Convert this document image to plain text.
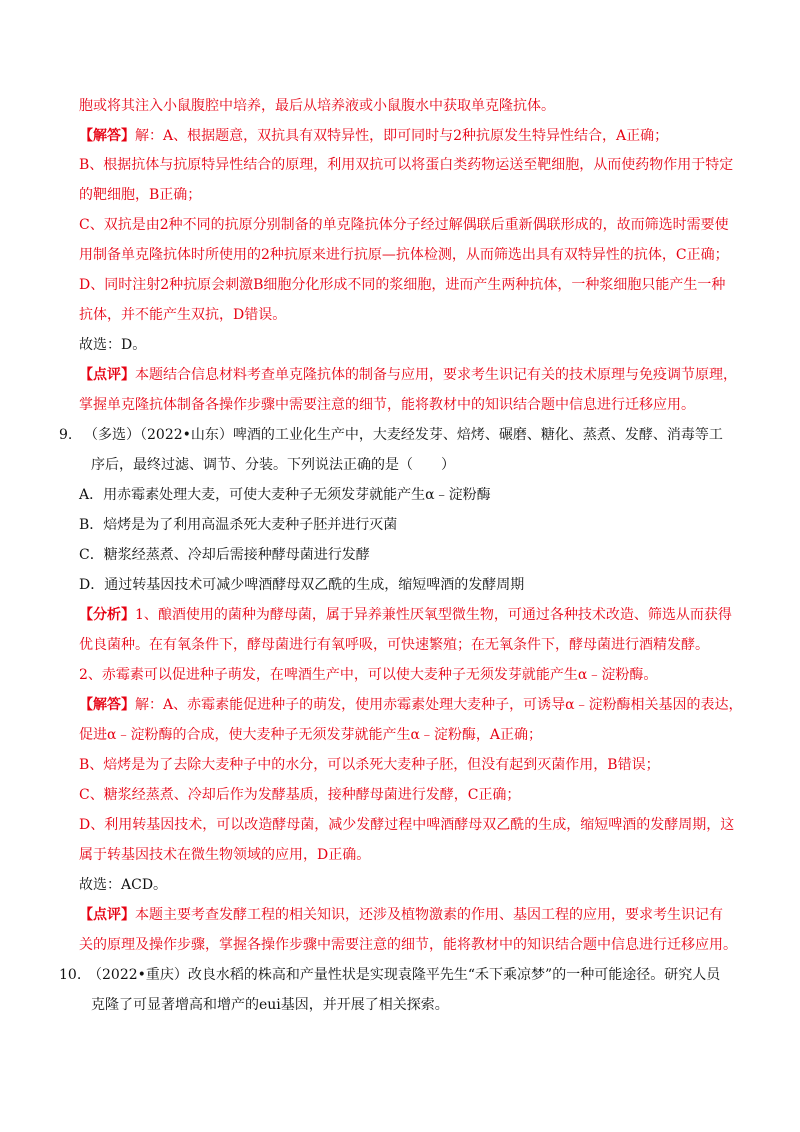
胞或将其注入小鼠腹腔中培养，最后从培养液或小鼠腹水中获取单克隆抗体。
【解答】解：A、根据题意，双抗具有双特异性，即可同时与2种抗原发生特异性结合，A正确；
B、根据抗体与抗原特异性结合的原理，利用双抗可以将蛋白类药物运送至靶细胞，从而使药物作用于特定
的靶细胞，B正确；
C、双抗是由2种不同的抗原分别制备的单克隆抗体分子经过解偶联后重新偶联形成的，故而筛选时需要使
用制备单克隆抗体时所使用的2种抗原来进行抗原—抗体检测，从而筛选出具有双特异性的抗体，C正确；
D、同时注射2种抗原会刺激B细胞分化形成不同的浆细胞，进而产生两种抗体，一种浆细胞只能产生一种
抗体，并不能产生双抗，D错误。
故选：D。
【点评】本题结合信息材料考查单克隆抗体的制备与应用，要求考生识记有关的技术原理与免疫调节原理，
掌握单克隆抗体制备各操作步骤中需要注意的细节，能将教材中的知识结合题中信息进行迁移应用。
9. （多选）（2022•山东）啤酒的工业化生产中，大麦经发芽、焙烤、碾磨、糖化、蒸煮、发酵、消毒等工
序后，最终过滤、调节、分装。下列说法正确的是（　　）
A．用赤霉素处理大麦，可使大麦种子无须发芽就能产生α﹣淀粉酶
B．焙烤是为了利用高温杀死大麦种子胚并进行灭菌
C．糖浆经蒸煮、冷却后需接种酵母菌进行发酵
D．通过转基因技术可减少啤酒酵母双乙酰的生成，缩短啤酒的发酵周期
【分析】1、酿酒使用的菌种为酵母菌，属于异养兼性厌氧型微生物，可通过各种技术改造、筛选从而获得
优良菌种。在有氧条件下，酵母菌进行有氧呼吸，可快速繁殖；在无氧条件下，酵母菌进行酒精发酵。
2、赤霉素可以促进种子萌发，在啤酒生产中，可以使大麦种子无须发芽就能产生α﹣淀粉酶。
【解答】解：A、赤霉素能促进种子的萌发，使用赤霉素处理大麦种子，可诱导α﹣淀粉酶相关基因的表达，
促进α﹣淀粉酶的合成，使大麦种子无须发芽就能产生α﹣淀粉酶，A正确；
B、焙烤是为了去除大麦种子中的水分，可以杀死大麦种子胚，但没有起到灭菌作用，B错误；
C、糖浆经蒸煮、冷却后作为发酵基质，接种酵母菌进行发酵，C正确；
D、利用转基因技术，可以改造酵母菌，减少发酵过程中啤酒酵母双乙酰的生成，缩短啤酒的发酵周期，这
属于转基因技术在微生物领域的应用，D正确。
故选：ACD。
【点评】本题主要考查发酵工程的相关知识，还涉及植物激素的作用、基因工程的应用，要求考生识记有
关的原理及操作步骤，掌握各操作步骤中需要注意的细节，能将教材中的知识结合题中信息进行迁移应用。
10. （2022•重庆）改良水稻的株高和产量性状是实现袁隆平先生“禾下乘凉梦”的一种可能途径。研究人员
克隆了可显著增高和增产的eui基因，并开展了相关探索。
